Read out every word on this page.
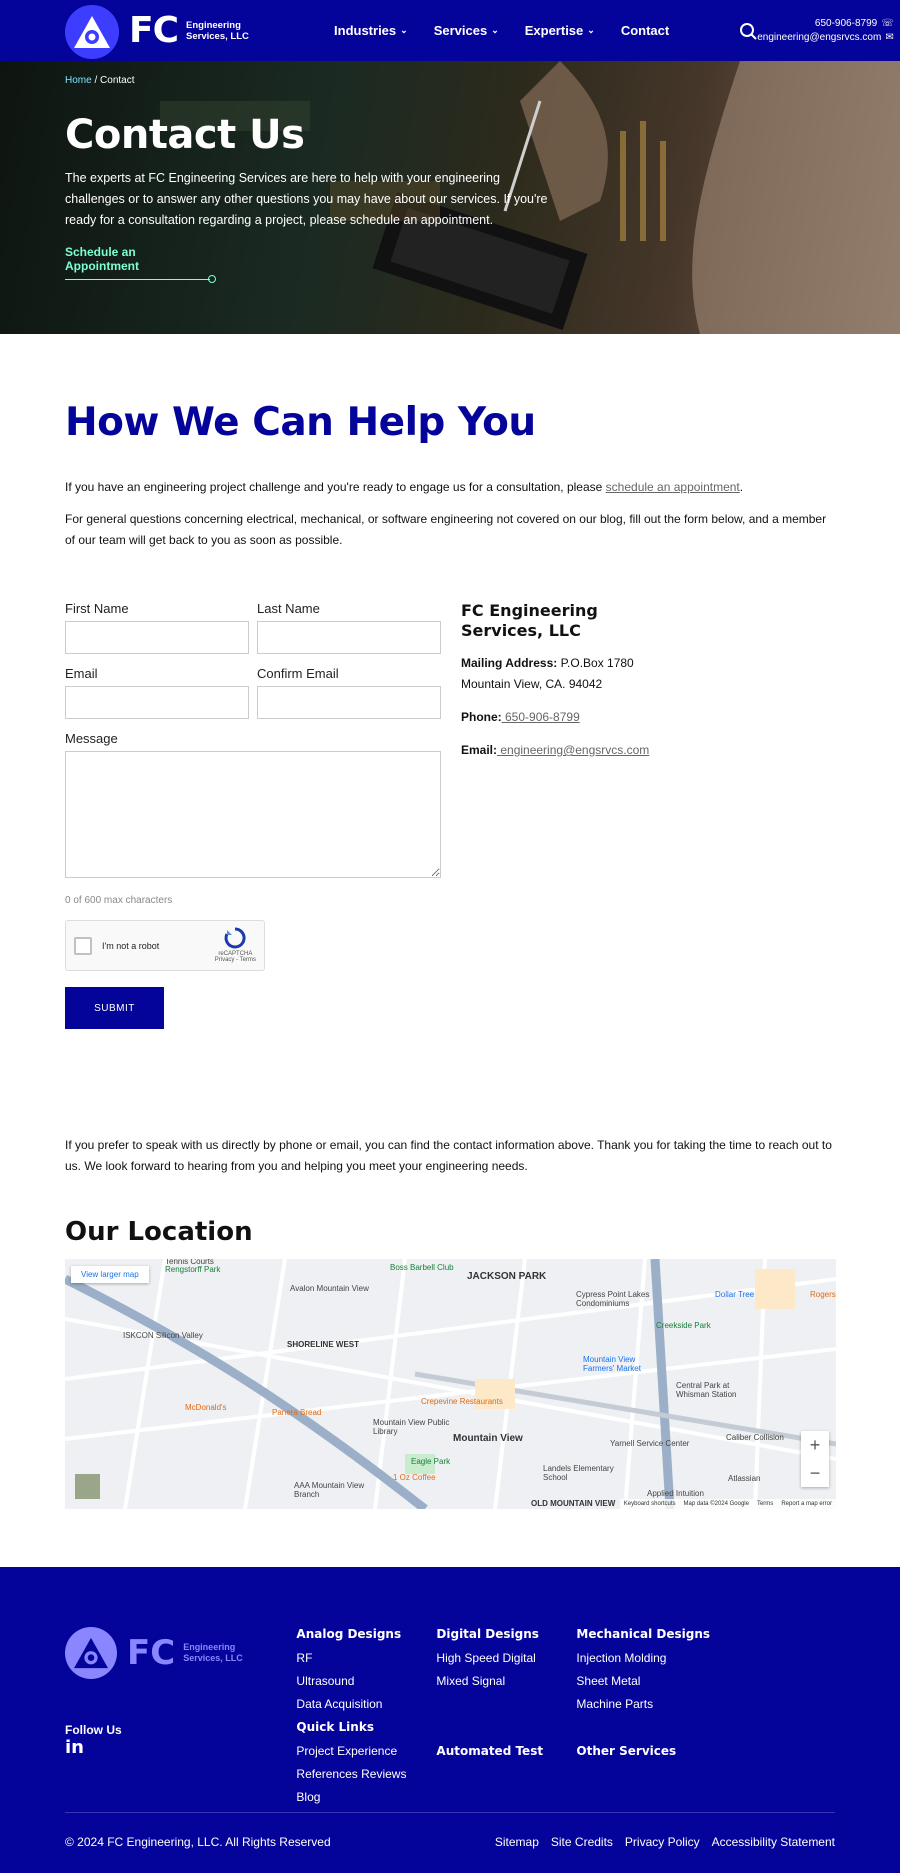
FC Engineering
Services, LLC	Industries ⌄ Services ⌄ Expertise ⌄ Contact	650-906-8799 ☏
engineering@engsrvcs.com ✉
Home / Contact
Contact Us

The experts at FC Engineering Services are here to help with your engineering challenges or to answer any other questions you may have about our services. If you're ready for a consultation regarding a project, please schedule an appointment.

Schedule an Appointment
How We Can Help You

If you have an engineering project challenge and you're ready to engage us for a consultation, please schedule an appointment.

For general questions concerning electrical, mechanical, or software engineering not covered on our blog, fill out the form below, and a member of our team will get back to you as soon as possible.

First Name	Last Name
Email	Confirm Email
Message
0 of 600 max characters
I'm not a robot
reCAPTCHA
Privacy - Terms
SUBMIT
FC Engineering Services, LLC
Mailing Address: P.O.Box 1780
Mountain View, CA. 94042
Phone: 650-906-8799
Email: engineering@engsrvcs.com

If you prefer to speak with us directly by phone or email, you can find the contact information above. Thank you for taking the time to reach out to us. We look forward to hearing from you and helping you meet your engineering needs.

Our Location
Boss Barbell Club
JACKSON PARK
Avalon Mountain View
Cypress Point Lakes Condominiums
Dollar Tree	Rogers
ISKCON Silicon Valley
SHORELINE WEST
Creekside Park
Mountain View Farmers' Market
McDonald's
Panera Bread
Crepevine Restaurants
Central Park at Whisman Station
Mountain View Public Library
Mountain View
Eagle Park
Yarnell Service Center
Caliber Collision
Landels Elementary School	Atlassian
AAA Mountain View Branch
1 Oz Coffee
OLD MOUNTAIN VIEW
Applied Intuition
Rengstorff Park
Tennis Courts
View larger map
+
−
Keyboard shortcuts Map data ©2024 Google Terms Report a map error
FC Engineering
Services, LLC
Follow Us
in
Analog Designs
RF
Ultrasound
Data Acquisition
Digital Designs
High Speed Digital
Mixed Signal
Mechanical Designs
Injection Molding
Sheet Metal
Machine Parts
Quick Links
Project Experience
References Reviews
Blog
Automated Test	Other Services
© 2024 FC Engineering, LLC. All Rights Reserved	Sitemap Site Credits Privacy Policy Accessibility Statement
